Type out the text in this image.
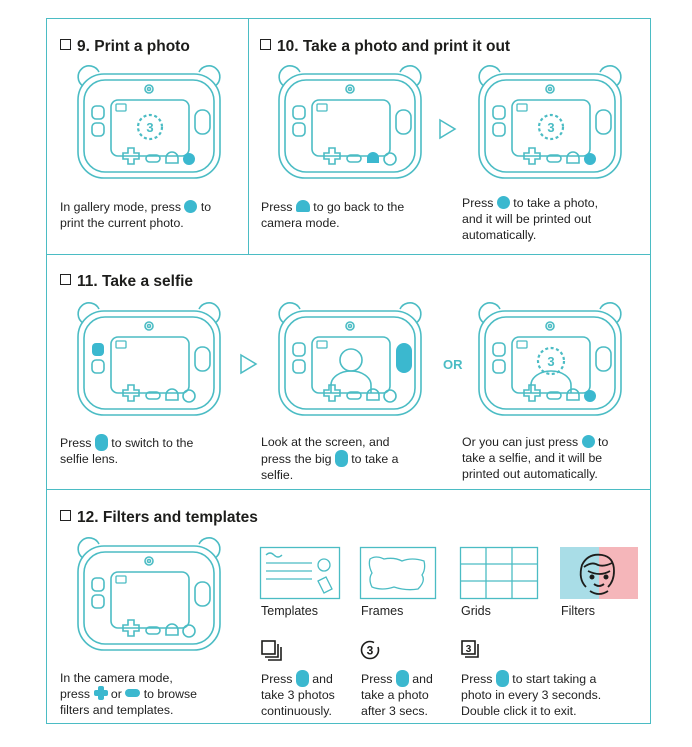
9. Print a photo	10. Take a photo and print it out
11. Take a selfie
12. Filters and templates
3	3
In gallery mode, press to
print the current photo.
Press to go back to the
camera mode.
Press to take a photo,
and it will be printed out
automatically.
OR	3
Press to switch to the
selfie lens.
Look at the screen, and
press the big to take a
selfie.
Or you can just press to
take a selfie, and it will be
printed out automatically.
Templates	Frames	Grids	Filters
3	3
In the camera mode,
press or to browse
filters and templates.
Press and
take 3 photos
continuously.
Press and
take a photo
after 3 secs.
Press to start taking a
photo in every 3 seconds.
Double click it to exit.
